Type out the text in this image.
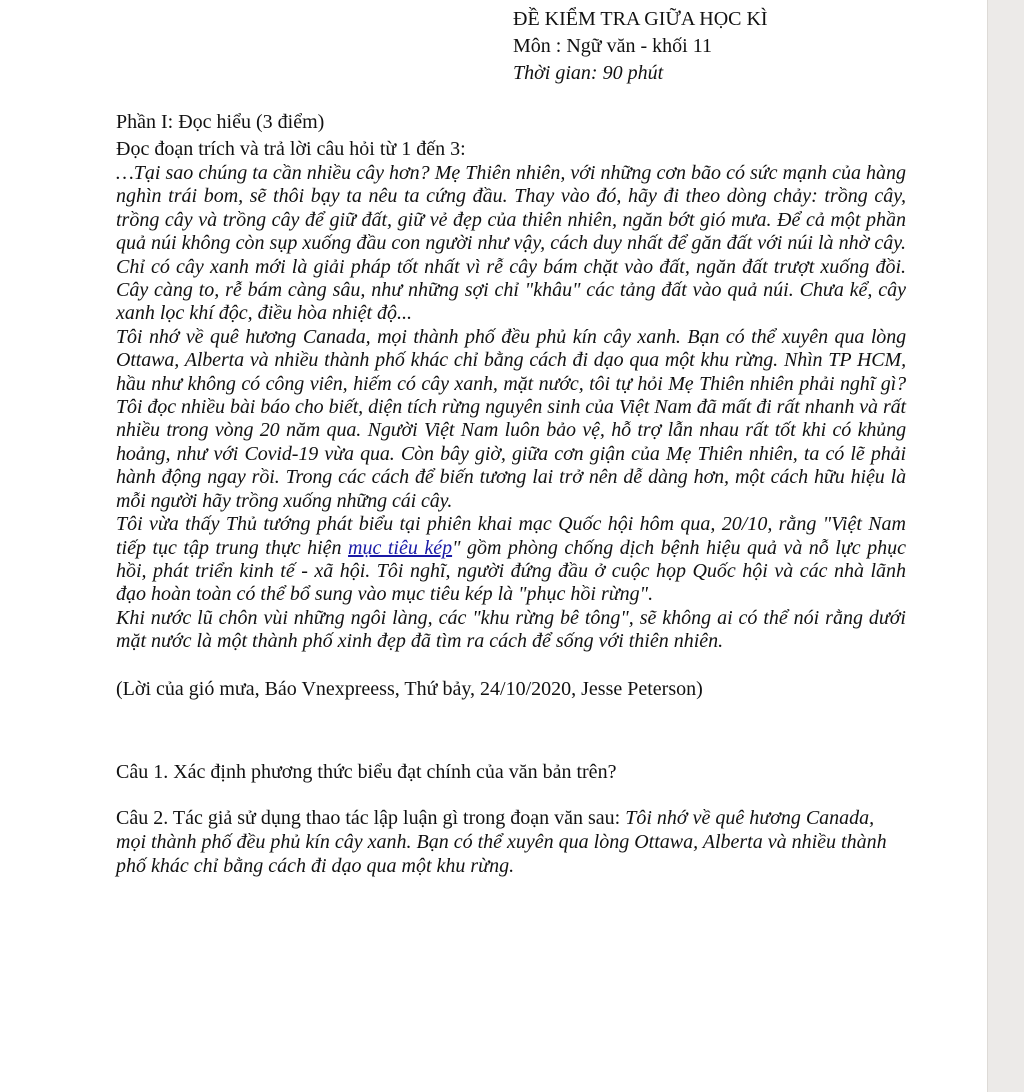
ĐỀ KIỂM TRA GIỮA HỌC KÌ
Môn : Ngữ văn - khối 11
Thời gian: 90 phút

Phần I: Đọc hiểu (3 điểm)

Đọc đoạn trích và trả lời câu hỏi từ 1 đến 3:

…Tại sao chúng ta cần nhiều cây hơn? Mẹ Thiên nhiên, với những cơn bão có sức mạnh của hàng nghìn trái bom, sẽ thôi bạy ta nêu ta cứng đầu. Thay vào đó, hãy đi theo dòng chảy: trồng cây, trồng cây và trồng cây để giữ đất, giữ vẻ đẹp của thiên nhiên, ngăn bớt gió mưa. Để cả một phần quả núi không còn sụp xuống đầu con người như vậy, cách duy nhất để găn đất với núi là nhờ cây. Chỉ có cây xanh mới là giải pháp tốt nhất vì rễ cây bám chặt vào đất, ngăn đất trượt xuống đồi. Cây càng to, rễ bám càng sâu, như những sợi chỉ "khâu" các tảng đất vào quả núi. Chưa kể, cây xanh lọc khí độc, điều hòa nhiệt độ...

Tôi nhớ về quê hương Canada, mọi thành phố đều phủ kín cây xanh. Bạn có thể xuyên qua lòng Ottawa, Alberta và nhiều thành phố khác chỉ bằng cách đi dạo qua một khu rừng. Nhìn TP HCM, hầu như không có công viên, hiếm có cây xanh, mặt nước, tôi tự hỏi Mẹ Thiên nhiên phải nghĩ gì? Tôi đọc nhiều bài báo cho biết, diện tích rừng nguyên sinh của Việt Nam đã mất đi rất nhanh và rất nhiều trong vòng 20 năm qua. Người Việt Nam luôn bảo vệ, hỗ trợ lẫn nhau rất tốt khi có khủng hoảng, như với Covid-19 vừa qua. Còn bây giờ, giữa cơn giận của Mẹ Thiên nhiên, ta có lẽ phải hành động ngay rồi. Trong các cách để biến tương lai trở nên dễ dàng hơn, một cách hữu hiệu là mỗi người hãy trồng xuống những cái cây.

Tôi vừa thấy Thủ tướng phát biểu tại phiên khai mạc Quốc hội hôm qua, 20/10, rằng "Việt Nam tiếp tục tập trung thực hiện mục tiêu kép" gồm phòng chống dịch bệnh hiệu quả và nỗ lực phục hồi, phát triển kinh tế - xã hội. Tôi nghĩ, người đứng đầu ở cuộc họp Quốc hội và các nhà lãnh đạo hoàn toàn có thể bổ sung vào mục tiêu kép là "phục hồi rừng".

Khi nước lũ chôn vùi những ngôi làng, các "khu rừng bê tông", sẽ không ai có thể nói rằng dưới mặt nước là một thành phố xinh đẹp đã tìm ra cách để sống với thiên nhiên.

(Lời của gió mưa, Báo Vnexpreess, Thứ bảy, 24/10/2020, Jesse Peterson)

Câu 1. Xác định phương thức biểu đạt chính của văn bản trên?

Câu 2. Tác giả sử dụng thao tác lập luận gì trong đoạn văn sau: Tôi nhớ về quê hương Canada, mọi thành phố đều phủ kín cây xanh. Bạn có thể xuyên qua lòng Ottawa, Alberta và nhiều thành phố khác chỉ bằng cách đi dạo qua một khu rừng.
